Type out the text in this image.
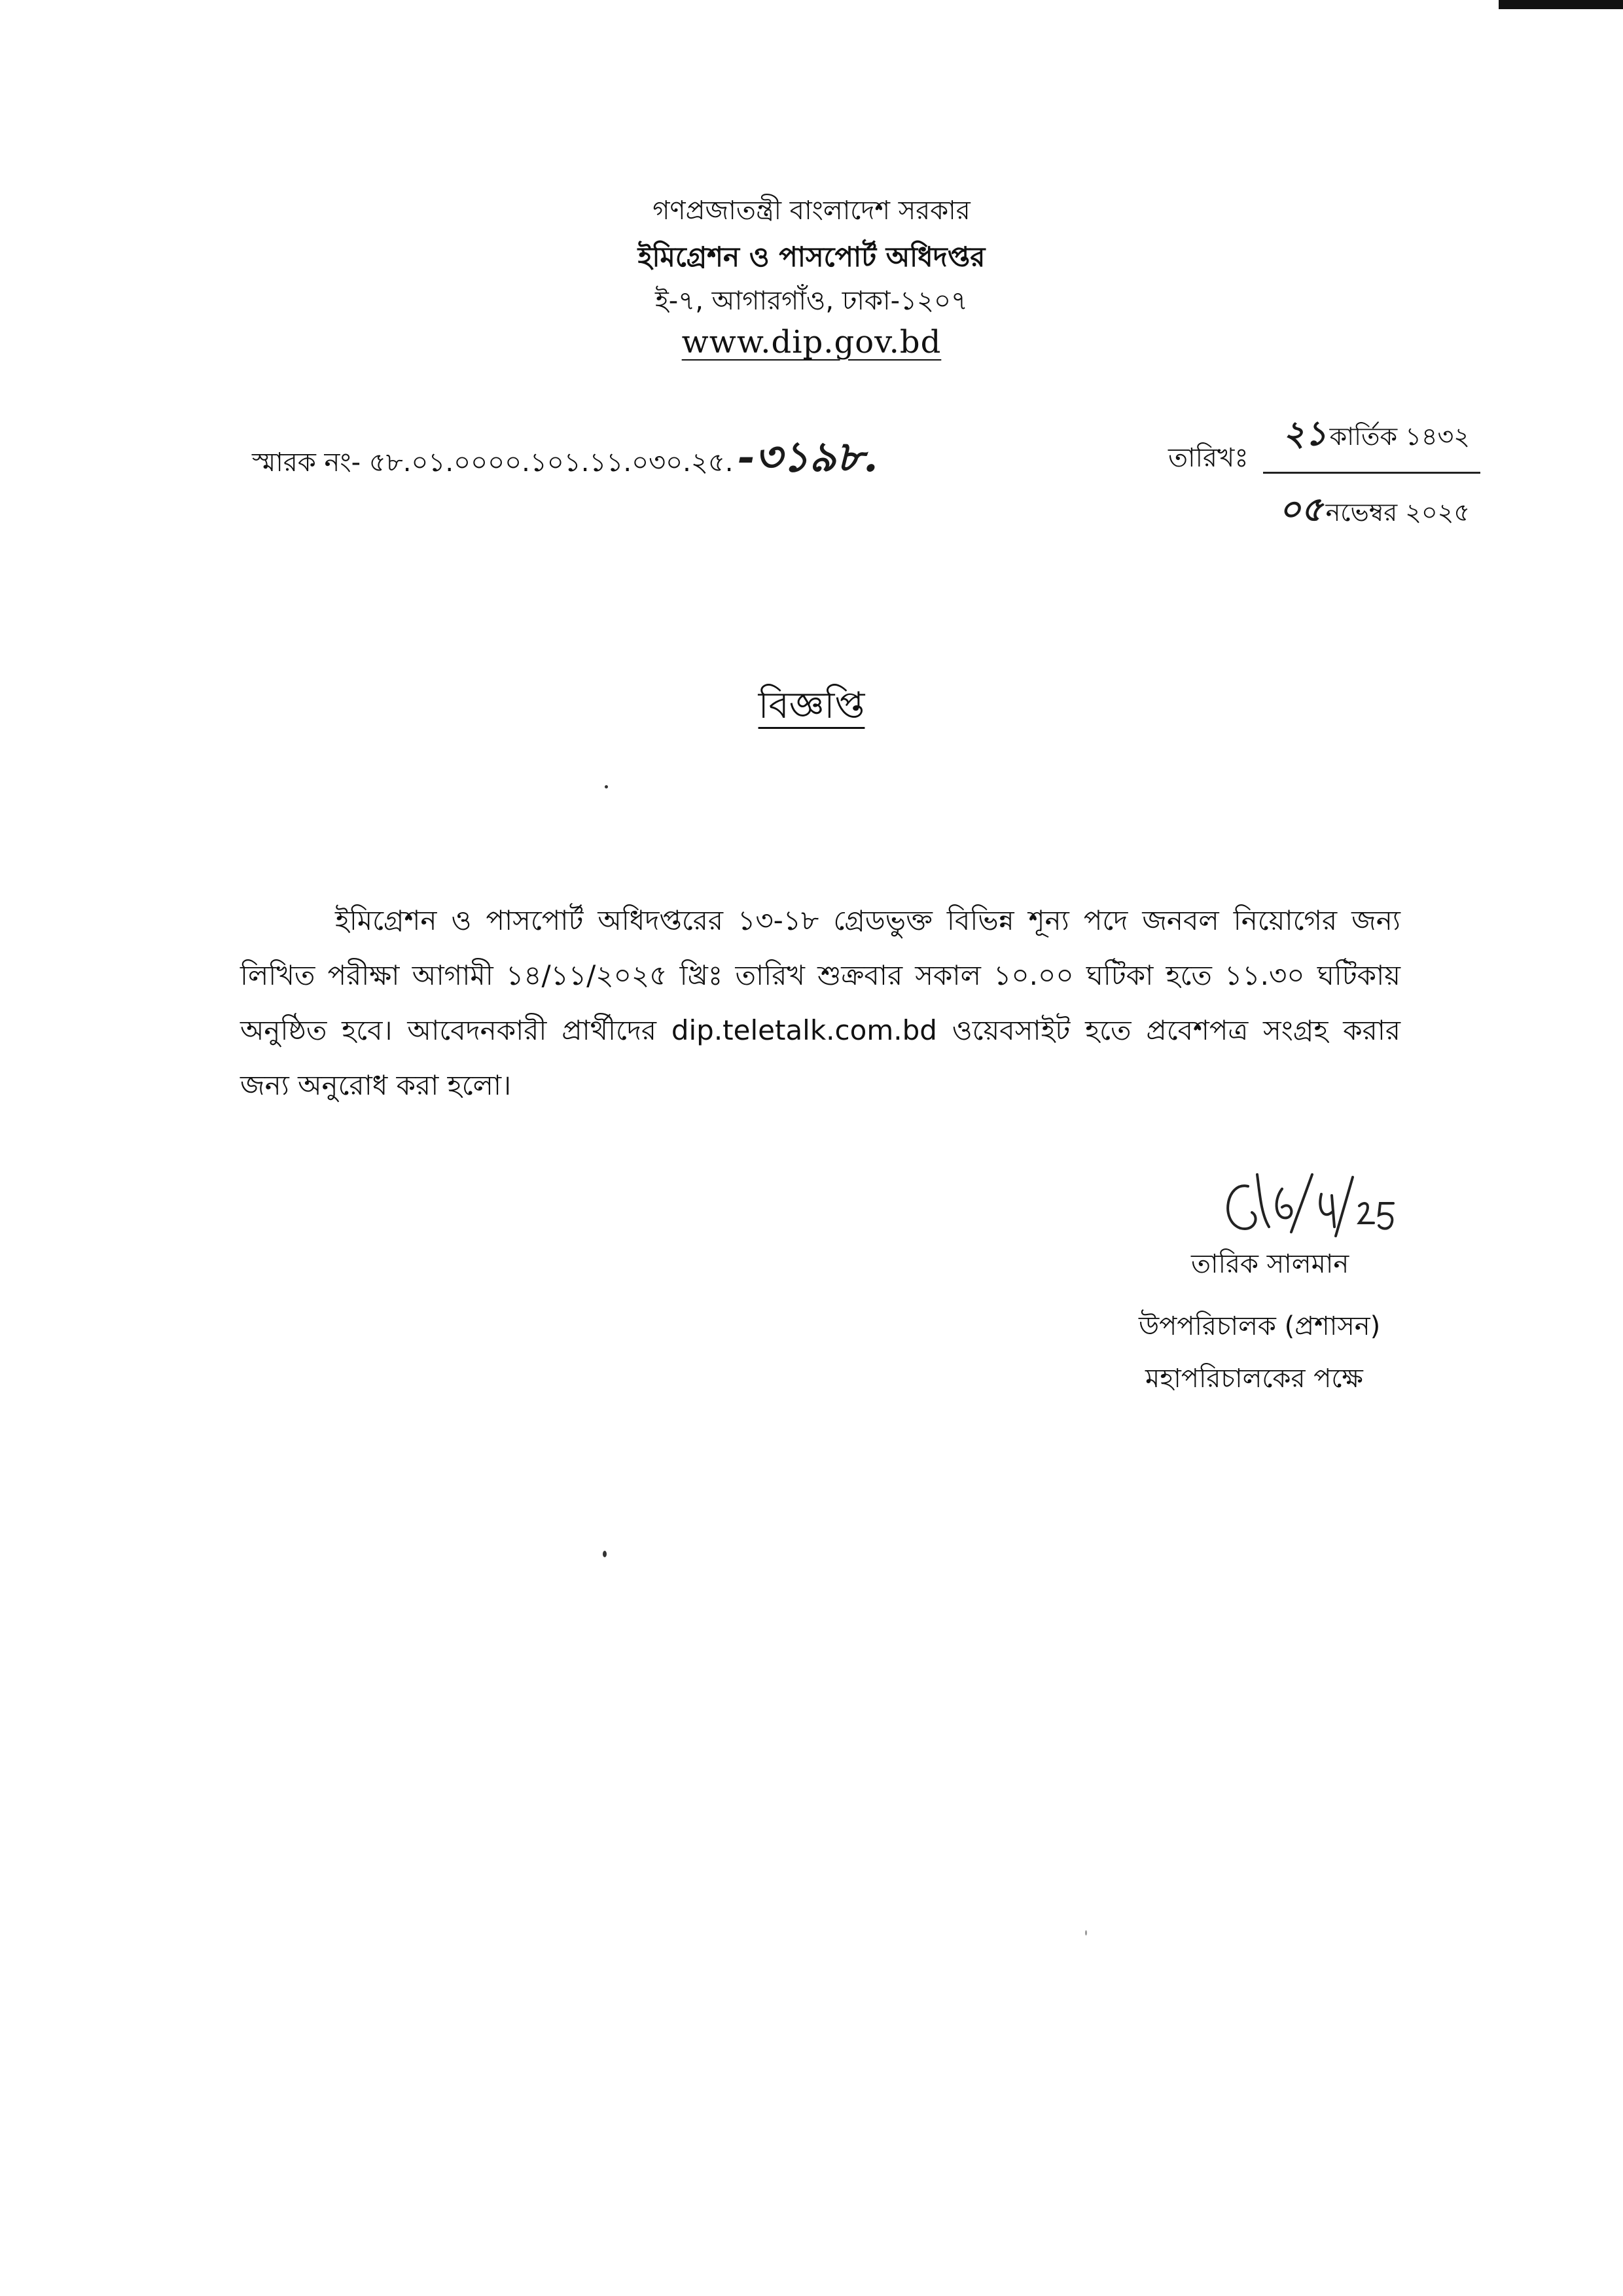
গণপ্রজাতন্ত্রী বাংলাদেশ সরকার
ইমিগ্রেশন ও পাসপোর্ট অধিদপ্তর
ই-৭, আগারগাঁও, ঢাকা-১২০৭
www.dip.gov.bd
স্মারক নং- ৫৮.০১.০০০০.১০১.১১.০৩০.২৫.-৩১৯৮.	তারিখঃ
২১ কার্তিক ১৪৩২
০৫ নভেম্বর ২০২৫
বিজ্ঞপ্তি
ইমিগ্রেশন ও পাসপোর্ট অধিদপ্তরের ১৩-১৮ গ্রেডভুক্ত বিভিন্ন শূন্য পদে জনবল নিয়োগের জন্য লিখিত পরীক্ষা আগামী ১৪/১১/২০২৫ খ্রিঃ তারিখ শুক্রবার সকাল ১০.০০ ঘটিকা হতে ১১.৩০ ঘটিকায় অনুষ্ঠিত হবে। আবেদনকারী প্রার্থীদের dip.teletalk.com.bd ওয়েবসাইট হতে প্রবেশপত্র সংগ্রহ করার জন্য অনুরোধ করা হলো।
তারিক সালমান
উপপরিচালক (প্রশাসন)
মহাপরিচালকের পক্ষে
